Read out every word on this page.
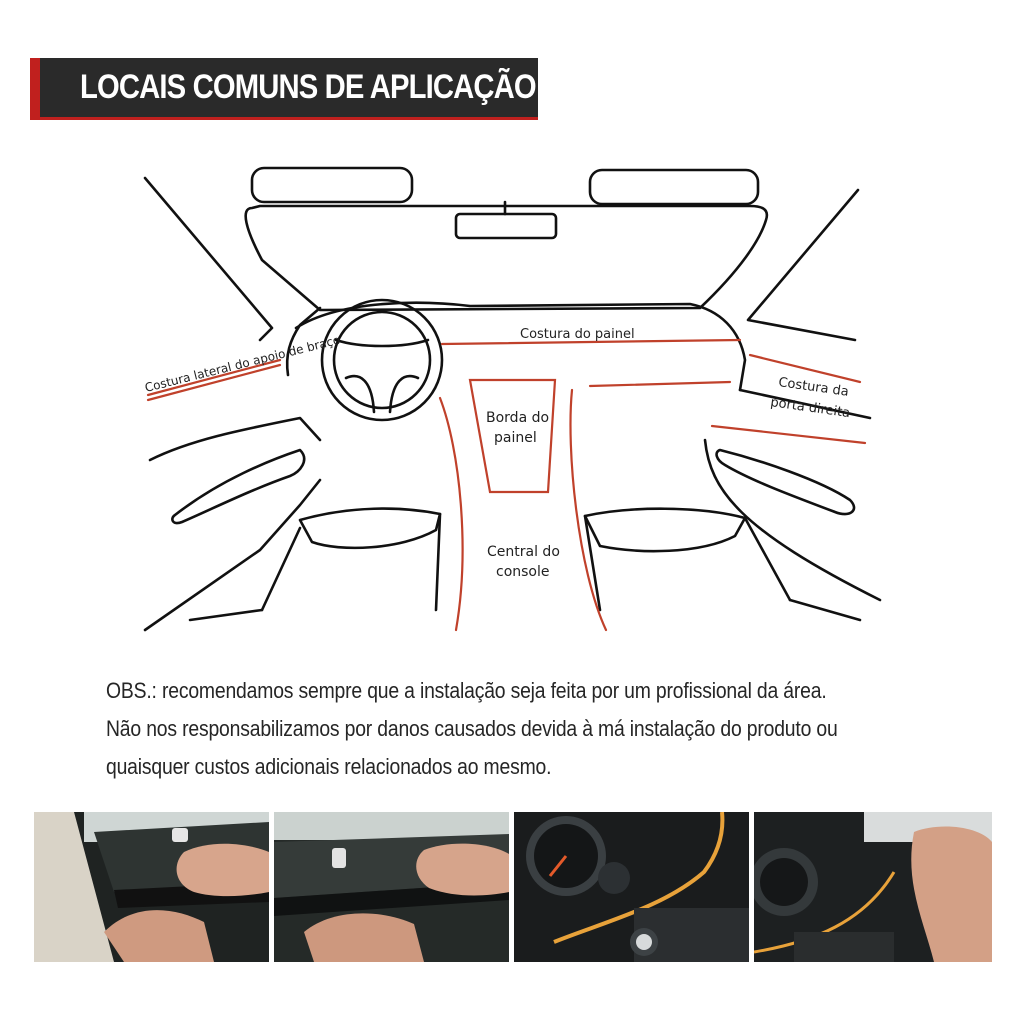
LOCAIS COMUNS DE APLICAÇÃO
Costura lateral do apoio de braço	Costura do painel
Costura da
porta direita
Borda do
painel
Central do
console
OBS.: recomendamos sempre que a instalação seja feita por um profissional da área.
Não nos responsabilizamos por danos causados devida à má instalação do produto ou
quaisquer custos adicionais relacionados ao mesmo.
